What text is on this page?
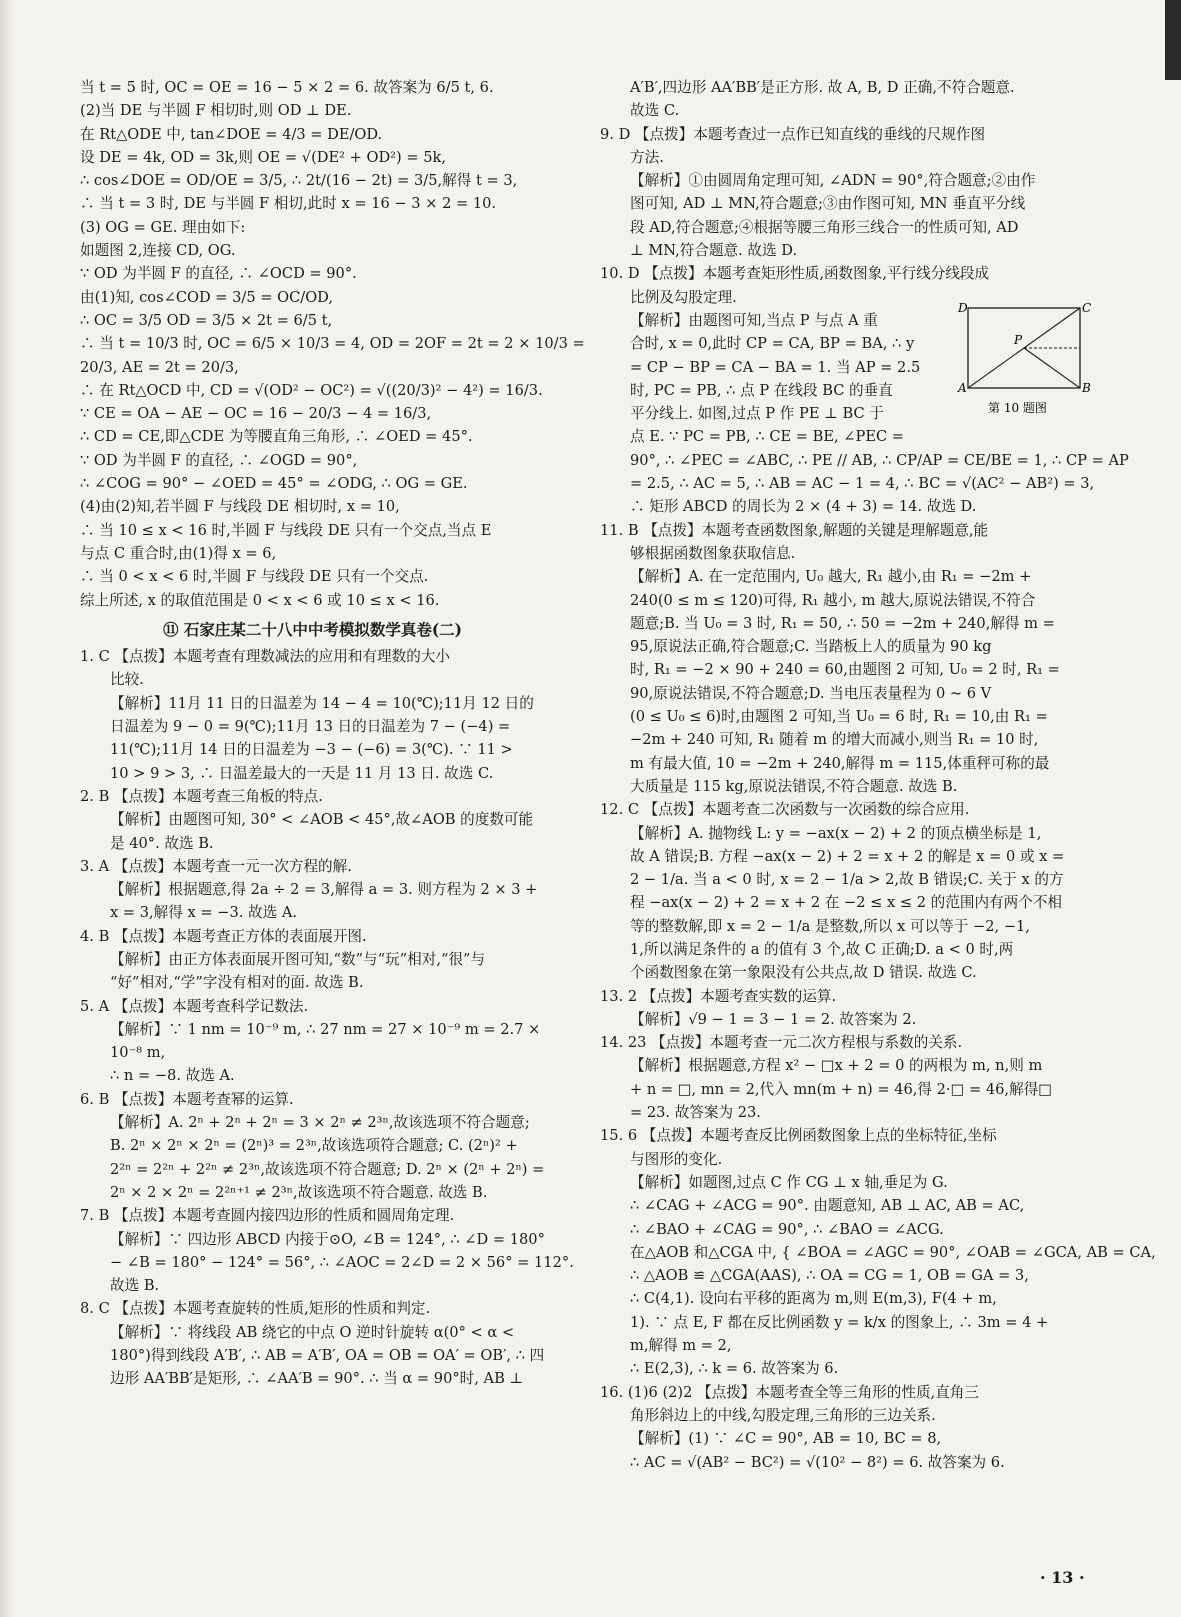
当 t = 5 时, OC = OE = 16 − 5 × 2 = 6. 故答案为 6/5 t, 6.
(2)当 DE 与半圆 F 相切时,则 OD ⊥ DE.
在 Rt△ODE 中, tan∠DOE = 4/3 = DE/OD.
设 DE = 4k, OD = 3k,则 OE = √(DE² + OD²) = 5k,
∴ cos∠DOE = OD/OE = 3/5, ∴ 2t/(16 − 2t) = 3/5,解得 t = 3,
∴ 当 t = 3 时, DE 与半圆 F 相切,此时 x = 16 − 3 × 2 = 10.
(3) OG = GE. 理由如下:
如题图 2,连接 CD, OG.
∵ OD 为半圆 F 的直径, ∴ ∠OCD = 90°.
由(1)知, cos∠COD = 3/5 = OC/OD,
∴ OC = 3/5 OD = 3/5 × 2t = 6/5 t,
∴ 当 t = 10/3 时, OC = 6/5 × 10/3 = 4, OD = 2OF = 2t = 2 × 10/3 =
20/3, AE = 2t = 20/3,
∴ 在 Rt△OCD 中, CD = √(OD² − OC²) = √((20/3)² − 4²) = 16/3.
∵ CE = OA − AE − OC = 16 − 20/3 − 4 = 16/3,
∴ CD = CE,即△CDE 为等腰直角三角形, ∴ ∠OED = 45°.
∵ OD 为半圆 F 的直径, ∴ ∠OGD = 90°,
∴ ∠COG = 90° − ∠OED = 45° = ∠ODG, ∴ OG = GE.
(4)由(2)知,若半圆 F 与线段 DE 相切时, x = 10,
∴ 当 10 ≤ x < 16 时,半圆 F 与线段 DE 只有一个交点,当点 E
与点 C 重合时,由(1)得 x = 6,
∴ 当 0 < x < 6 时,半圆 F 与线段 DE 只有一个交点.
综上所述, x 的取值范围是 0 < x < 6 或 10 ≤ x < 16.
⑪ 石家庄某二十八中中考模拟数学真卷(二)
1. C 【点拨】本题考查有理数减法的应用和有理数的大小
比较.
【解析】11月 11 日的日温差为 14 − 4 = 10(℃);11月 12 日的
日温差为 9 − 0 = 9(℃);11月 13 日的日温差为 7 − (−4) =
11(℃);11月 14 日的日温差为 −3 − (−6) = 3(℃). ∵ 11 >
10 > 9 > 3, ∴ 日温差最大的一天是 11 月 13 日. 故选 C.
2. B 【点拨】本题考查三角板的特点.
【解析】由题图可知, 30° < ∠AOB < 45°,故∠AOB 的度数可能
是 40°. 故选 B.
3. A 【点拨】本题考查一元一次方程的解.
【解析】根据题意,得 2a ÷ 2 = 3,解得 a = 3. 则方程为 2 × 3 +
x = 3,解得 x = −3. 故选 A.
4. B 【点拨】本题考查正方体的表面展开图.
【解析】由正方体表面展开图可知,“数”与“玩”相对,“很”与
“好”相对,“学”字没有相对的面. 故选 B.
5. A 【点拨】本题考查科学记数法.
【解析】∵ 1 nm = 10⁻⁹ m, ∴ 27 nm = 27 × 10⁻⁹ m = 2.7 ×
10⁻⁸ m,
∴ n = −8. 故选 A.
6. B 【点拨】本题考查幂的运算.
【解析】A. 2ⁿ + 2ⁿ + 2ⁿ = 3 × 2ⁿ ≠ 2³ⁿ,故该选项不符合题意;
B. 2ⁿ × 2ⁿ × 2ⁿ = (2ⁿ)³ = 2³ⁿ,故该选项符合题意; C. (2ⁿ)² +
2²ⁿ = 2²ⁿ + 2²ⁿ ≠ 2³ⁿ,故该选项不符合题意; D. 2ⁿ × (2ⁿ + 2ⁿ) =
2ⁿ × 2 × 2ⁿ = 2²ⁿ⁺¹ ≠ 2³ⁿ,故该选项不符合题意. 故选 B.
7. B 【点拨】本题考查圆内接四边形的性质和圆周角定理.
【解析】∵ 四边形 ABCD 内接于⊙O, ∠B = 124°, ∴ ∠D = 180°
− ∠B = 180° − 124° = 56°, ∴ ∠AOC = 2∠D = 2 × 56° = 112°.
故选 B.
8. C 【点拨】本题考查旋转的性质,矩形的性质和判定.
【解析】∵ 将线段 AB 绕它的中点 O 逆时针旋转 α(0° < α <
180°)得到线段 A′B′, ∴ AB = A′B′, OA = OB = OA′ = OB′, ∴ 四
边形 AA′BB′是矩形, ∴ ∠AA′B = 90°. ∴ 当 α = 90°时, AB ⊥
A′B′,四边形 AA′BB′是正方形. 故 A, B, D 正确,不符合题意.
故选 C.
9. D 【点拨】本题考查过一点作已知直线的垂线的尺规作图
方法.
【解析】①由圆周角定理可知, ∠ADN = 90°,符合题意;②由作
图可知, AD ⊥ MN,符合题意;③由作图可知, MN 垂直平分线
段 AD,符合题意;④根据等腰三角形三线合一的性质可知, AD
⊥ MN,符合题意. 故选 D.
10. D 【点拨】本题考查矩形性质,函数图象,平行线分线段成
比例及勾股定理.
【解析】由题图可知,当点 P 与点 A 重
合时, x = 0,此时 CP = CA, BP = BA, ∴ y
= CP − BP = CA − BA = 1. 当 AP = 2.5
时, PC = PB, ∴ 点 P 在线段 BC 的垂直
平分线上. 如图,过点 P 作 PE ⊥ BC 于
点 E. ∵ PC = PB, ∴ CE = BE, ∠PEC =
90°, ∴ ∠PEC = ∠ABC, ∴ PE // AB, ∴ CP/AP = CE/BE = 1, ∴ CP = AP
= 2.5, ∴ AC = 5, ∴ AB = AC − 1 = 4, ∴ BC = √(AC² − AB²) = 3,
∴ 矩形 ABCD 的周长为 2 × (4 + 3) = 14. 故选 D.
11. B 【点拨】本题考查函数图象,解题的关键是理解题意,能
够根据函数图象获取信息.
【解析】A. 在一定范围内, U₀ 越大, R₁ 越小,由 R₁ = −2m +
240(0 ≤ m ≤ 120)可得, R₁ 越小, m 越大,原说法错误,不符合
题意;B. 当 U₀ = 3 时, R₁ = 50, ∴ 50 = −2m + 240,解得 m =
95,原说法正确,符合题意;C. 当踏板上人的质量为 90 kg
时, R₁ = −2 × 90 + 240 = 60,由题图 2 可知, U₀ = 2 时, R₁ =
90,原说法错误,不符合题意;D. 当电压表量程为 0 ~ 6 V
(0 ≤ U₀ ≤ 6)时,由题图 2 可知,当 U₀ = 6 时, R₁ = 10,由 R₁ =
−2m + 240 可知, R₁ 随着 m 的增大而减小,则当 R₁ = 10 时,
m 有最大值, 10 = −2m + 240,解得 m = 115,体重秤可称的最
大质量是 115 kg,原说法错误,不符合题意. 故选 B.
12. C 【点拨】本题考查二次函数与一次函数的综合应用.
【解析】A. 抛物线 L: y = −ax(x − 2) + 2 的顶点横坐标是 1,
故 A 错误;B. 方程 −ax(x − 2) + 2 = x + 2 的解是 x = 0 或 x =
2 − 1/a. 当 a < 0 时, x = 2 − 1/a > 2,故 B 错误;C. 关于 x 的方
程 −ax(x − 2) + 2 = x + 2 在 −2 ≤ x ≤ 2 的范围内有两个不相
等的整数解,即 x = 2 − 1/a 是整数,所以 x 可以等于 −2, −1,
1,所以满足条件的 a 的值有 3 个,故 C 正确;D. a < 0 时,两
个函数图象在第一象限没有公共点,故 D 错误. 故选 C.
13. 2 【点拨】本题考查实数的运算.
【解析】√9 − 1 = 3 − 1 = 2. 故答案为 2.
14. 23 【点拨】本题考查一元二次方程根与系数的关系.
【解析】根据题意,方程 x² − □x + 2 = 0 的两根为 m, n,则 m
+ n = □, mn = 2,代入 mn(m + n) = 46,得 2·□ = 46,解得□
= 23. 故答案为 23.
15. 6 【点拨】本题考查反比例函数图象上点的坐标特征,坐标
与图形的变化.
【解析】如题图,过点 C 作 CG ⊥ x 轴,垂足为 G.
∴ ∠CAG + ∠ACG = 90°. 由题意知, AB ⊥ AC, AB = AC,
∴ ∠BAO + ∠CAG = 90°, ∴ ∠BAO = ∠ACG.
在△AOB 和△CGA 中, { ∠BOA = ∠AGC = 90°, ∠OAB = ∠GCA, AB = CA,
∴ △AOB ≌ △CGA(AAS), ∴ OA = CG = 1, OB = GA = 3,
∴ C(4,1). 设向右平移的距离为 m,则 E(m,3), F(4 + m,
1). ∵ 点 E, F 都在反比例函数 y = k/x 的图象上, ∴ 3m = 4 +
m,解得 m = 2,
∴ E(2,3), ∴ k = 6. 故答案为 6.
16. (1)6 (2)2 【点拨】本题考查全等三角形的性质,直角三
角形斜边上的中线,勾股定理,三角形的三边关系.
【解析】(1) ∵ ∠C = 90°, AB = 10, BC = 8,
∴ AC = √(AB² − BC²) = √(10² − 8²) = 6. 故答案为 6.
D	C
P
A	B
第 10 题图
· 13 ·
